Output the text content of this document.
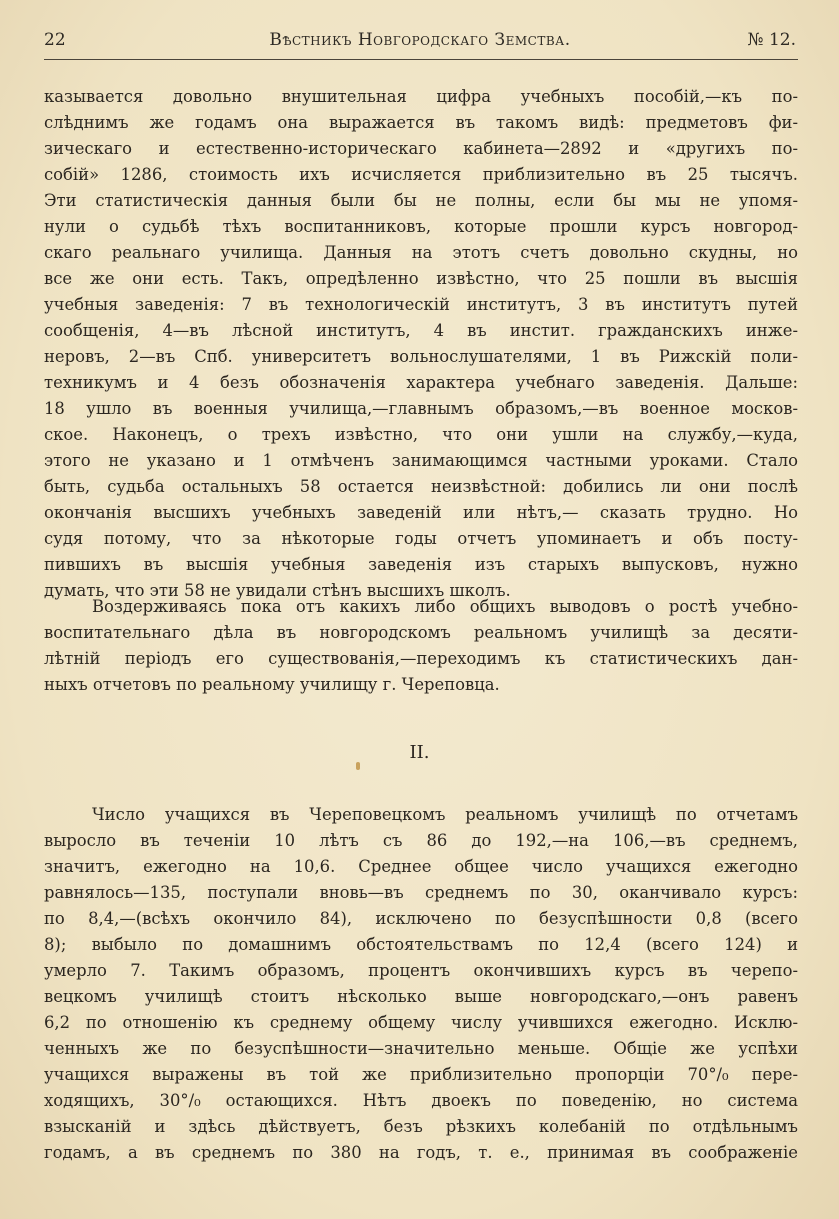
22	Вѣстникъ Новгородскаго Земства.	№ 12.
казывается довольно внушительная цифра учебныхъ пособій,—къ по-
слѣднимъ же годамъ она выражается въ такомъ видѣ: предметовъ фи-
зическаго и естественно-историческаго кабинета—2892 и «другихъ по-
собій» 1286, стоимость ихъ исчисляется приблизительно въ 25 тысячъ.
Эти статистическія данныя были бы не полны, если бы мы не упомя-
нули о судьбѣ тѣхъ воспитанниковъ, которые прошли курсъ новгород-
скаго реальнаго училища. Данныя на этотъ счетъ довольно скудны, но
все же они есть. Такъ, опредѣленно извѣстно, что 25 пошли въ высшія
учебныя заведенія: 7 въ технологическій институтъ, 3 въ институтъ путей
сообщенія, 4—въ лѣсной институтъ, 4 въ инстит. гражданскихъ инже-
неровъ, 2—въ Спб. университетъ вольнослушателями, 1 въ Рижскій поли-
техникумъ и 4 безъ обозначенія характера учебнаго заведенія. Дальше:
18 ушло въ военныя училища,—главнымъ образомъ,—въ военное москов-
ское. Наконецъ, о трехъ извѣстно, что они ушли на службу,—куда,
этого не указано и 1 отмѣченъ занимающимся частными уроками. Стало
быть, судьба остальныхъ 58 остается неизвѣстной: добились ли они послѣ
окончанія высшихъ учебныхъ заведеній или нѣтъ,— сказать трудно. Но
судя потому, что за нѣкоторые годы отчетъ упоминаетъ и объ посту-
пившихъ въ высшія учебныя заведенія изъ старыхъ выпусковъ, нужно
думать, что эти 58 не увидали стѣнъ высшихъ школъ.
Воздерживаясь пока отъ какихъ либо общихъ выводовъ о ростѣ учебно-
воспитательнаго дѣла въ новгородскомъ реальномъ училищѣ за десяти-
лѣтній періодъ его существованія,—переходимъ къ статистическихъ дан-
ныхъ отчетовъ по реальному училищу г. Череповца.
II.
Число учащихся въ Череповецкомъ реальномъ училищѣ по отчетамъ
выросло въ теченіи 10 лѣтъ съ 86 до 192,—на 106,—въ среднемъ,
значитъ, ежегодно на 10,6. Среднее общее число учащихся ежегодно
равнялось—135, поступали вновь—въ среднемъ по 30, оканчивало курсъ:
по 8,4,—(всѣхъ окончило 84), исключено по безуспѣшности 0,8 (всего
8); выбыло по домашнимъ обстоятельствамъ по 12,4 (всего 124) и
умерло 7. Такимъ образомъ, процентъ окончившихъ курсъ въ черепо-
вецкомъ училищѣ стоитъ нѣсколько выше новгородскаго,—онъ равенъ
6,2 по отношенію къ среднему общему числу учившихся ежегодно. Исклю-
ченныхъ же по безуспѣшности—значительно меньше. Общіе же успѣхи
учащихся выражены въ той же приблизительно пропорціи 70°/₀ пере-
ходящихъ, 30°/₀ остающихся. Нѣтъ двоекъ по поведенію, но система
взысканій и здѣсь дѣйствуетъ, безъ рѣзкихъ колебаній по отдѣльнымъ
годамъ, а въ среднемъ по 380 на годъ, т. е., принимая въ соображеніе
